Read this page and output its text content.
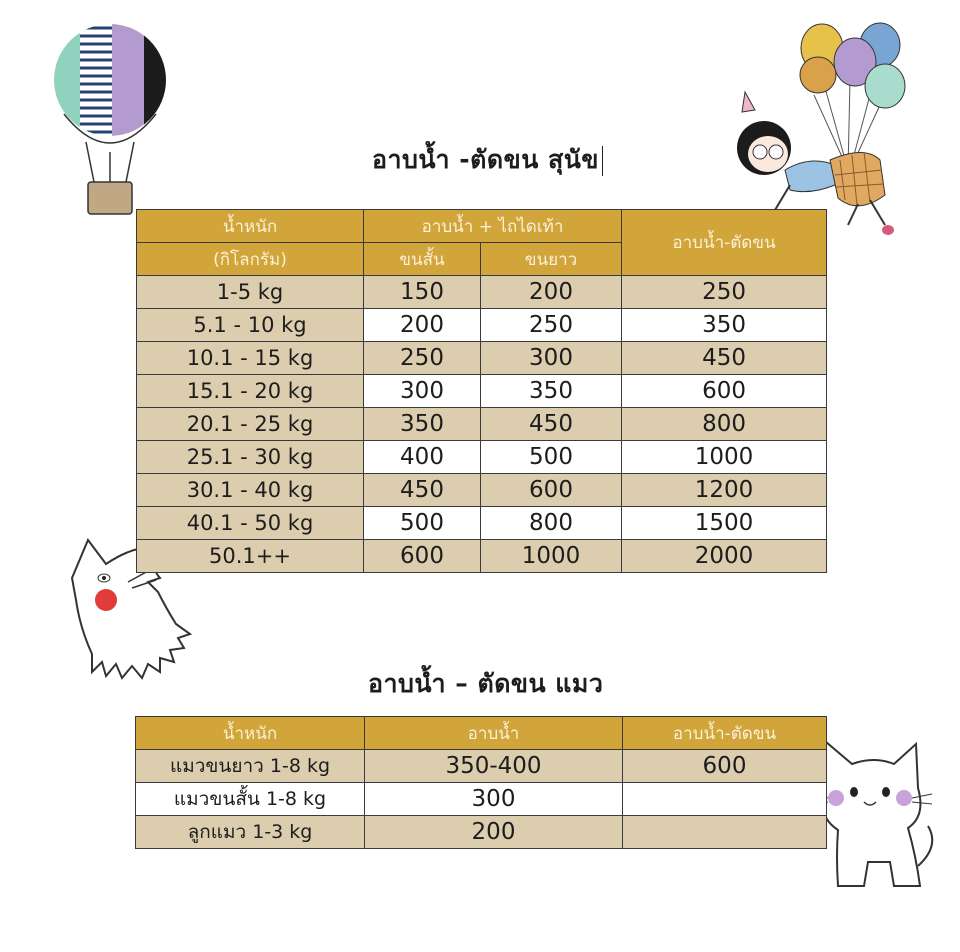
อาบน้ำ -ตัดขน สุนัข
น้ำหนัก	อาบน้ำ + ไถไดเท้า		อาบน้ำ-ตัดขน
(กิโลกรัม)	ขนสั้น	ขนยาว	
1-5 kg	150	200	250
5.1 - 10 kg	200	250	350
10.1 - 15 kg	250	300	450
15.1 - 20 kg	300	350	600
20.1 - 25 kg	350	450	800
25.1 - 30 kg	400	500	1000
30.1 - 40 kg	450	600	1200
40.1 - 50 kg	500	800	1500
50.1++	600	1000	2000
อาบน้ำ – ตัดขน แมว
น้ำหนัก	อาบน้ำ	อาบน้ำ-ตัดขน
แมวขนยาว 1-8 kg	350-400	600
แมวขนสั้น 1-8 kg	300	
ลูกแมว 1-3 kg	200	
